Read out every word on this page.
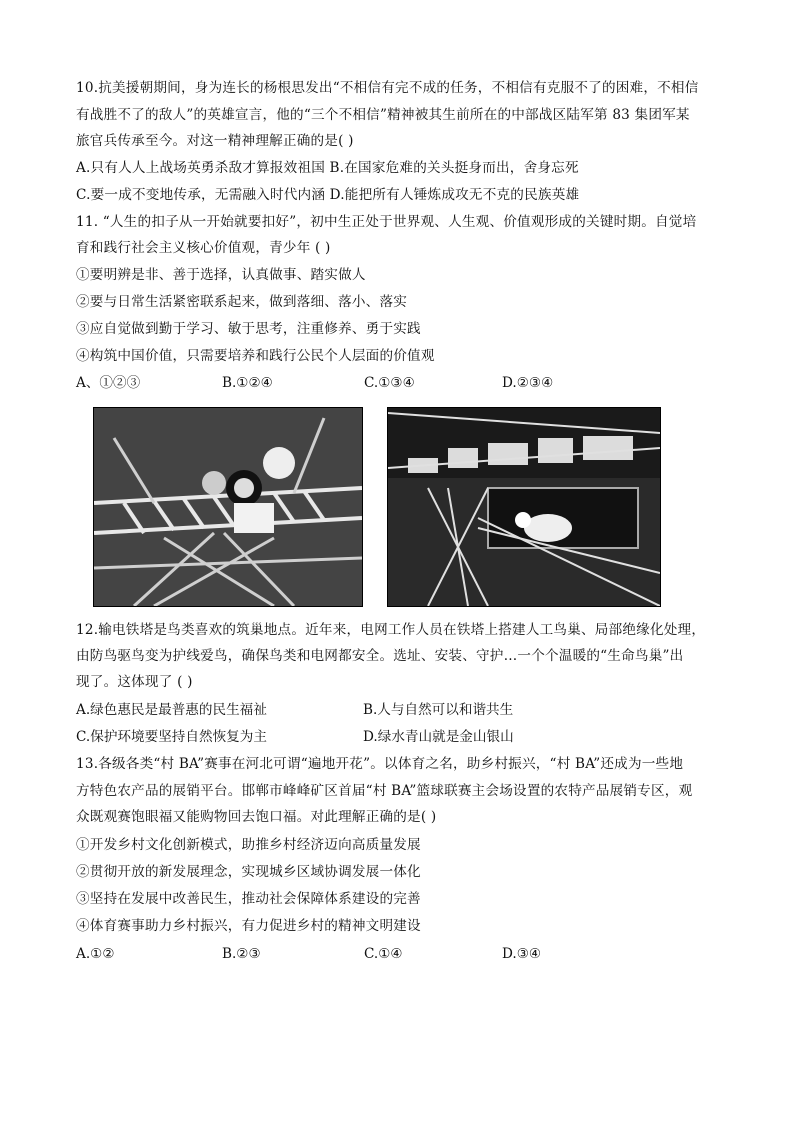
10.抗美援朝期间，身为连长的杨根思发出“不相信有完不成的任务，不相信有克服不了的困难，不相信
有战胜不了的敌人”的英雄宣言，他的“三个不相信”精神被其生前所在的中部战区陆军第 83 集团军某
旅官兵传承至今。对这一精神理解正确的是( )
A.只有人人上战场英勇杀敌才算报效祖国 B.在国家危难的关头挺身而出，舍身忘死
C.要一成不变地传承，无需融入时代内涵 D.能把所有人锤炼成攻无不克的民族英雄
11. “人生的扣子从一开始就要扣好”，初中生正处于世界观、人生观、价值观形成的关键时期。自觉培
育和践行社会主义核心价值观，青少年 ( )
①要明辨是非、善于选择，认真做事、踏实做人
②要与日常生活紧密联系起来，做到落细、落小、落实
③应自觉做到勤于学习、敏于思考，注重修养、勇于实践
④构筑中国价值，只需要培养和践行公民个人层面的价值观
A、①②③	B.①②④	C.①③④	D.②③④
12.输电铁塔是鸟类喜欢的筑巢地点。近年来，电网工作人员在铁塔上搭建人工鸟巢、局部绝缘化处理，
由防鸟驱鸟变为护线爱鸟，确保鸟类和电网都安全。选址、安装、守护…一个个温暖的“生命鸟巢”出
现了。这体现了 ( )
A.绿色惠民是最普惠的民生福祉	B.人与自然可以和谐共生
C.保护环境要坚持自然恢复为主	D.绿水青山就是金山银山
13.各级各类“村 BA”赛事在河北可谓“遍地开花”。以体育之名，助乡村振兴，“村 BA”还成为一些地
方特色农产品的展销平台。邯郸市峰峰矿区首届“村 BA”篮球联赛主会场设置的农特产品展销专区，观
众既观赛饱眼福又能购物回去饱口福。对此理解正确的是( )
①开发乡村文化创新模式，助推乡村经济迈向高质量发展
②贯彻开放的新发展理念，实现城乡区域协调发展一体化
③坚持在发展中改善民生，推动社会保障体系建设的完善
④体育赛事助力乡村振兴，有力促进乡村的精神文明建设
A.①②	B.②③	C.①④	D.③④
